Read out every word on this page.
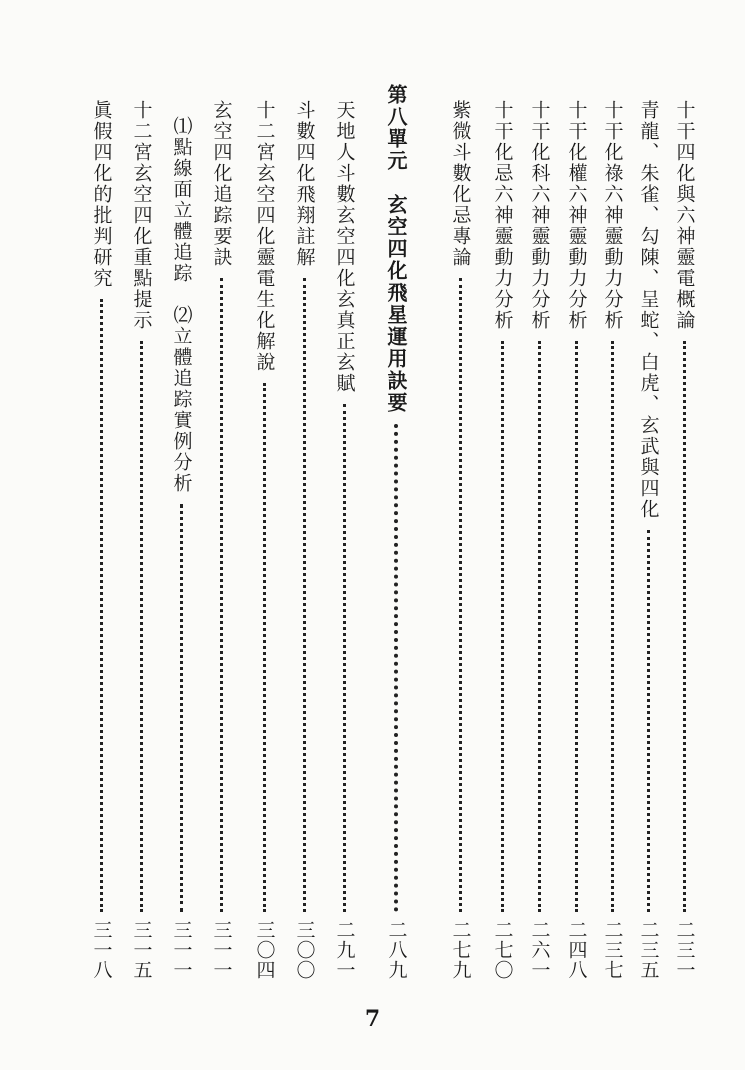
十干四化與六神靈電概論
二三一
青龍、朱雀、勾陳、呈蛇、白虎、玄武與四化
二三五
十干化祿六神靈動力分析
二三七
十干化權六神靈動力分析
二四八
十干化科六神靈動力分析
二六一
十干化忌六神靈動力分析
二七〇
紫微斗數化忌專論
二七九
第八單元　玄空四化飛星運用訣要
二八九
天地人斗數玄空四化玄真正玄賦
二九一
斗數四化飛翔註解
三〇〇
十二宮玄空四化靈電生化解說
三〇四
玄空四化追踪要訣
三一一
⑴點線面立體追踪　⑵立體追踪實例分析
三一一
十二宮玄空四化重點提示
三一五
眞假四化的批判研究
三一八
7
